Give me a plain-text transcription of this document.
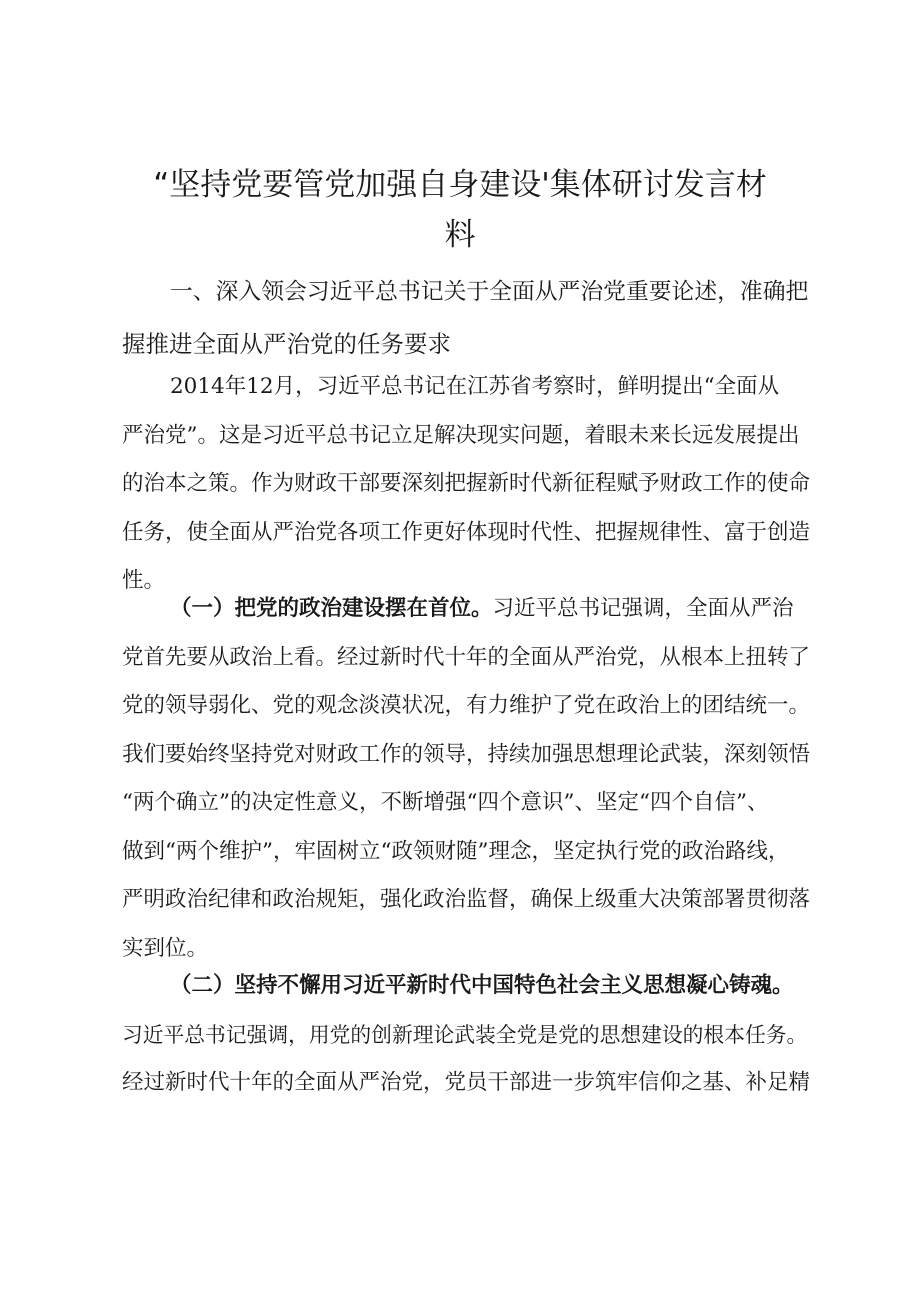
“坚持党要管党加强自身建设'集体研讨发言材
料
一、深入领会习近平总书记关于全面从严治党重要论述，准确把
握推进全面从严治党的任务要求
2014年12月，习近平总书记在江苏省考察时，鲜明提出“全面从
严治党”。这是习近平总书记立足解决现实问题，着眼未来长远发展提出
的治本之策。作为财政干部要深刻把握新时代新征程赋予财政工作的使命
任务，使全面从严治党各项工作更好体现时代性、把握规律性、富于创造
性。
（一）把党的政治建设摆在首位。习近平总书记强调，全面从严治
党首先要从政治上看。经过新时代十年的全面从严治党，从根本上扭转了
党的领导弱化、党的观念淡漠状况，有力维护了党在政治上的团结统一。
我们要始终坚持党对财政工作的领导，持续加强思想理论武装，深刻领悟
“两个确立”的决定性意义，不断增强“四个意识”、坚定“四个自信”、
做到“两个维护”，牢固树立“政领财随”理念，坚定执行党的政治路线，
严明政治纪律和政治规矩，强化政治监督，确保上级重大决策部署贯彻落
实到位。
（二）坚持不懈用习近平新时代中国特色社会主义思想凝心铸魂。
习近平总书记强调，用党的创新理论武装全党是党的思想建设的根本任务。
经过新时代十年的全面从严治党，党员干部进一步筑牢信仰之基、补足精
